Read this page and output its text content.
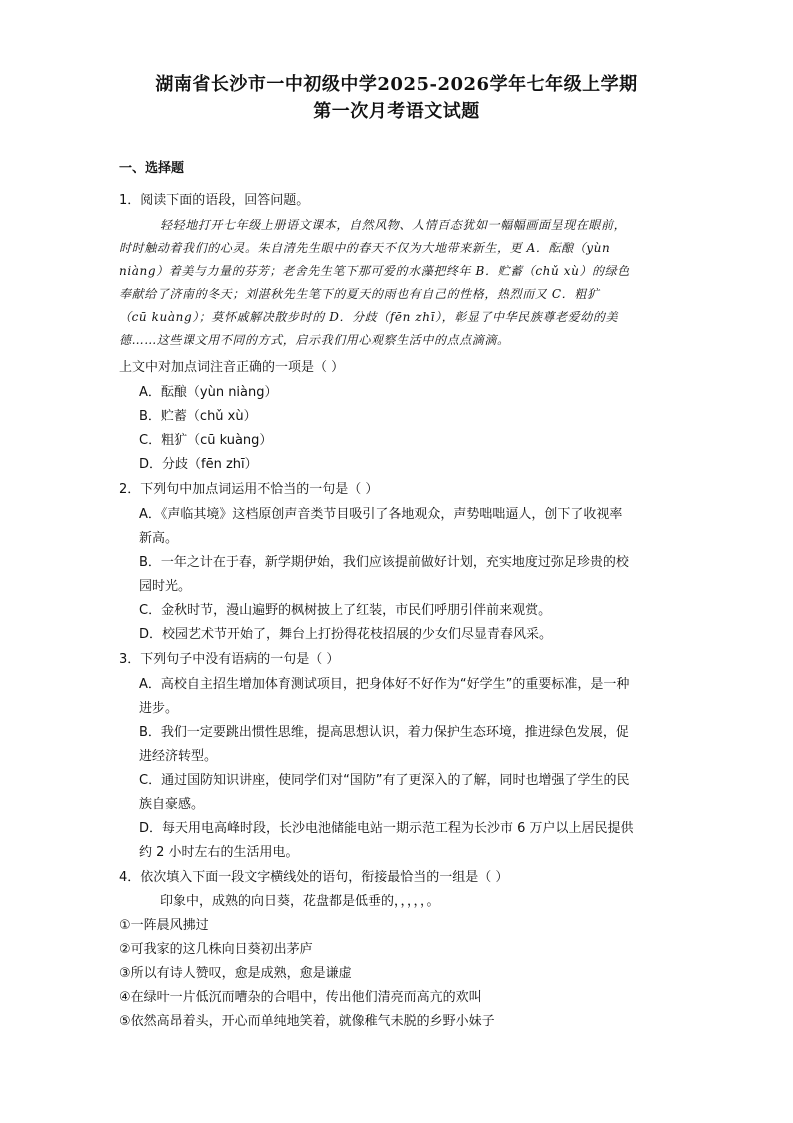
湖南省长沙市一中初级中学2025-2026学年七年级上学期
第一次月考语文试题
一、选择题
1．阅读下面的语段，回答问题。
轻轻地打开七年级上册语文课本，自然风物、人情百态犹如一幅幅画面呈现在眼前，
时时触动着我们的心灵。朱自清先生眼中的春天不仅为大地带来新生，更 A．酝酿（yùn
niàng）着美与力量的芬芳；老舍先生笔下那可爱的水藻把终年 B．贮蓄（chǔ xù）的绿色
奉献给了济南的冬天；刘湛秋先生笔下的夏天的雨也有自己的性格，热烈而又 C．粗犷
（cū kuàng）；莫怀戚解决散步时的 D．分歧（fēn zhī），彰显了中华民族尊老爱幼的美
德……这些课文用不同的方式，启示我们用心观察生活中的点点滴滴。
上文中对加点词注音正确的一项是（ ）
A．酝酿（yùn niàng）
B．贮蓄（chǔ xù）
C．粗犷（cū kuàng）
D．分歧（fēn zhī）
2．下列句中加点词运用不恰当的一句是（ ）
A．《声临其境》这档原创声音类节目吸引了各地观众，声势咄咄逼人，创下了收视率
新高。
B．一年之计在于春，新学期伊始，我们应该提前做好计划，充实地度过弥足珍贵的校
园时光。
C．金秋时节，漫山遍野的枫树披上了红装，市民们呼朋引伴前来观赏。
D．校园艺术节开始了，舞台上打扮得花枝招展的少女们尽显青春风采。
3．下列句子中没有语病的一句是（ ）
A．高校自主招生增加体育测试项目，把身体好不好作为“好学生”的重要标准，是一种
进步。
B．我们一定要跳出惯性思维，提高思想认识，着力保护生态环境，推进绿色发展，促
进经济转型。
C．通过国防知识讲座，使同学们对“国防”有了更深入的了解，同时也增强了学生的民
族自豪感。
D．每天用电高峰时段，长沙电池储能电站一期示范工程为长沙市 6 万户以上居民提供
约 2 小时左右的生活用电。
4．依次填入下面一段文字横线处的语句，衔接最恰当的一组是（ ）
印象中，成熟的向日葵，花盘都是低垂的，，，，，。
①一阵晨风拂过
②可我家的这几株向日葵初出茅庐
③所以有诗人赞叹，愈是成熟，愈是谦虚
④在绿叶一片低沉而嘈杂的合唱中，传出他们清亮而高亢的欢叫
⑤依然高昂着头，开心而单纯地笑着，就像稚气未脱的乡野小妹子
